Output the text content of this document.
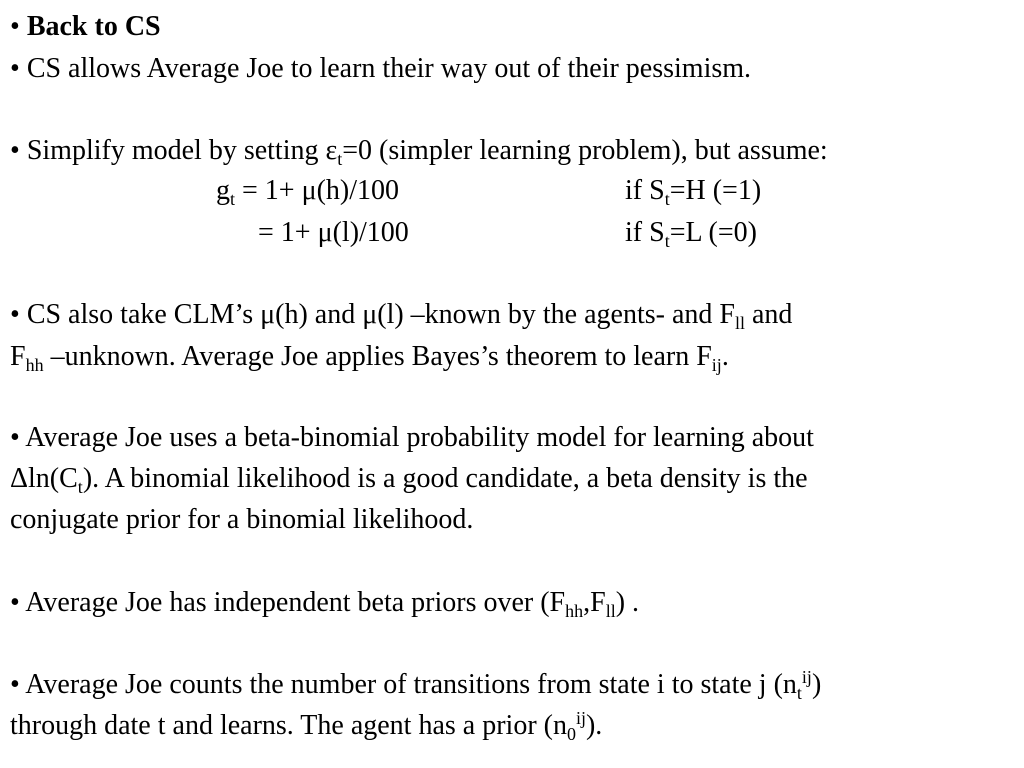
• Back to CS
• CS allows Average Joe to learn their way out of their pessimism.
• Simplify model by setting $\varepsilon_t=0$ (simpler learning problem), but assume:
$g_t = 1+ \mu(h)/100$	if $S_t=H$ (=1)
= 1+ μ(l)/100	if $S_t=L$ (=0)
• CS also take CLM’s μ(h) and μ(l) –known by the agents- and $F_{ll}$ and
$F_{hh}$ –unknown. Average Joe applies Bayes’s theorem to learn $F_{ij}$.
• Average Joe uses a beta-binomial probability model for learning about
$\Delta\ln(C_t)$. A binomial likelihood is a good candidate, a beta density is the
conjugate prior for a binomial likelihood.
• Average Joe has independent beta priors over $(F_{hh},F_{ll})$ .
• Average Joe counts the number of transitions from state i to state j $(n_t^{ij})$
through date t and learns. The agent has a prior $(n_0^{ij})$.
